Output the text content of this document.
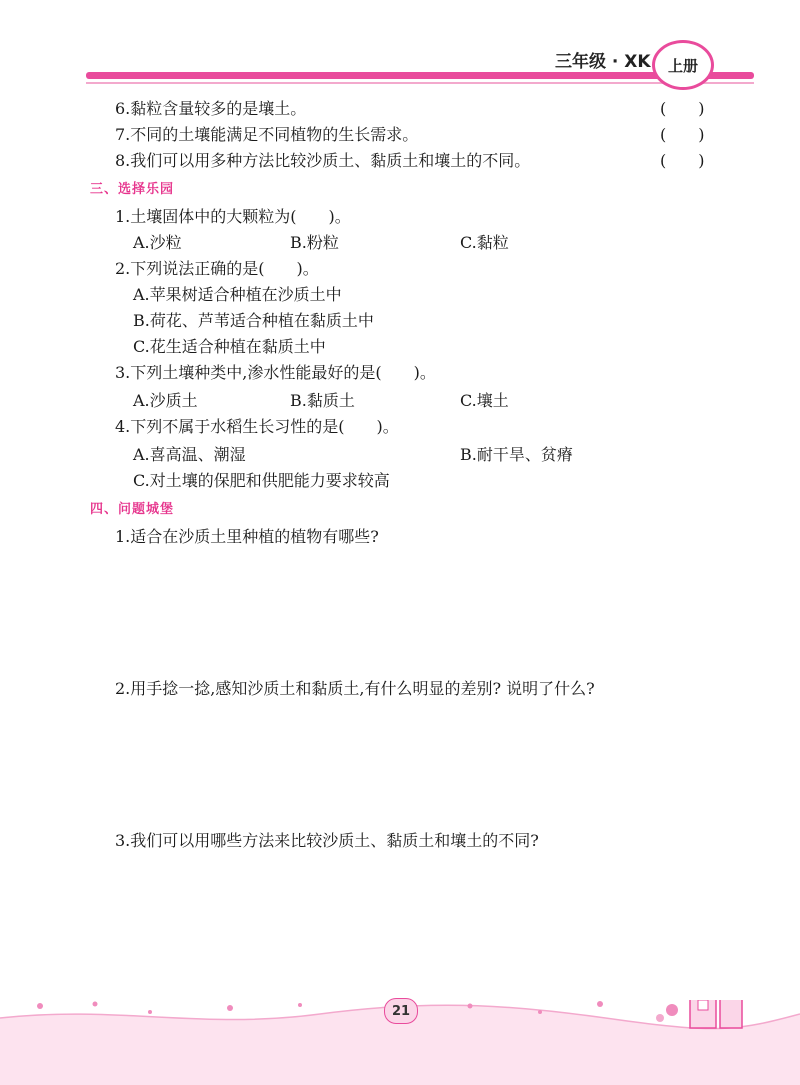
三年级 · XK	上册
6.黏粒含量较多的是壤土。	(　　)
7.不同的土壤能满足不同植物的生长需求。	(　　)
8.我们可以用多种方法比较沙质土、黏质土和壤土的不同。	(　　)
三、选择乐园
1.土壤固体中的大颗粒为(　　)。
A.沙粒	B.粉粒	C.黏粒
2.下列说法正确的是(　　)。
A.苹果树适合种植在沙质土中
B.荷花、芦苇适合种植在黏质土中
C.花生适合种植在黏质土中
3.下列土壤种类中,渗水性能最好的是(　　)。
A.沙质土	B.黏质土	C.壤土
4.下列不属于水稻生长习性的是(　　)。
A.喜高温、潮湿	B.耐干旱、贫瘠
C.对土壤的保肥和供肥能力要求较高
四、问题城堡
1.适合在沙质土里种植的植物有哪些?
2.用手捻一捻,感知沙质土和黏质土,有什么明显的差别? 说明了什么?
3.我们可以用哪些方法来比较沙质土、黏质土和壤土的不同?
21
